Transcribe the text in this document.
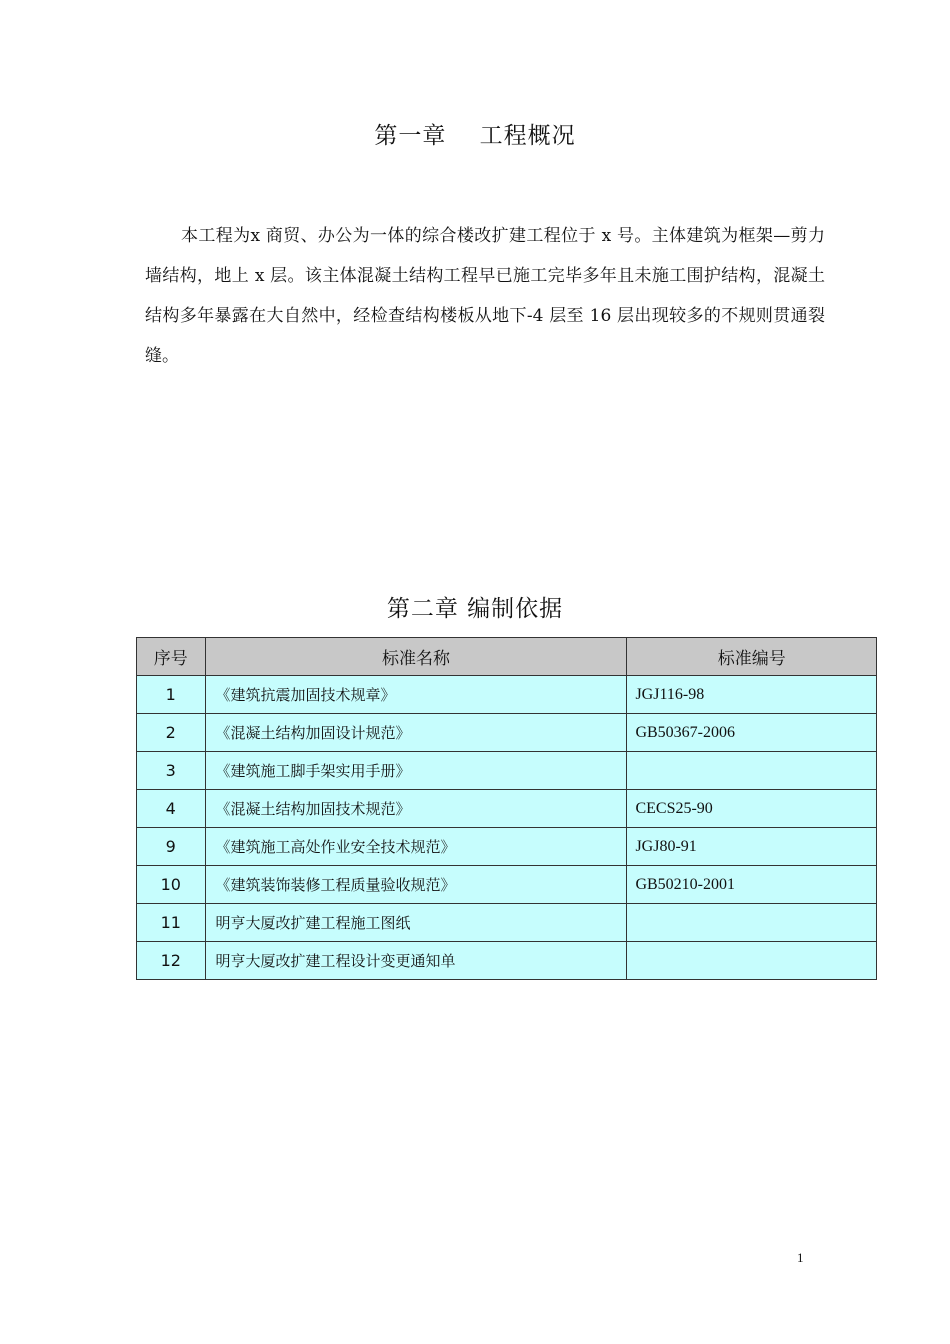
第一章    工程概况
本工程为x 商贸、办公为一体的综合楼改扩建工程位于 x 号。主体建筑为框架—剪力墙结构，地上 x 层。该主体混凝土结构工程早已施工完毕多年且未施工围护结构，混凝土结构多年暴露在大自然中，经检查结构楼板从地下-4 层至 16 层出现较多的不规则贯通裂缝。
第二章 编制依据
序号	标准名称	标准编号
1	《建筑抗震加固技术规章》	JGJ116-98
2	《混凝土结构加固设计规范》	GB50367-2006
3	《建筑施工脚手架实用手册》	
4	《混凝土结构加固技术规范》	CECS25-90
9	《建筑施工高处作业安全技术规范》	JGJ80-91
10	《建筑装饰装修工程质量验收规范》	GB50210-2001
11	明亨大厦改扩建工程施工图纸	
12	明亨大厦改扩建工程设计变更通知单	
1
